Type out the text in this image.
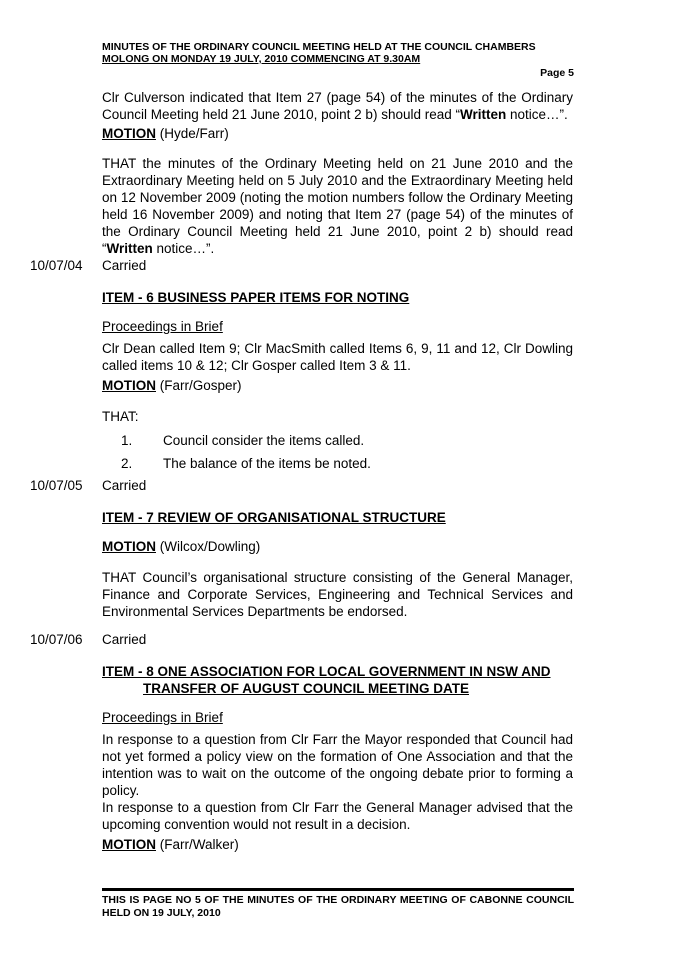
MINUTES OF THE ORDINARY COUNCIL MEETING HELD AT THE COUNCIL CHAMBERS
MOLONG ON MONDAY 19 JULY, 2010 COMMENCING AT 9.30AM
Page 5
Clr Culverson indicated that Item 27 (page 54) of the minutes of the Ordinary Council Meeting held 21 June 2010, point 2 b) should read “Written notice…”.
MOTION (Hyde/Farr)
THAT the minutes of the Ordinary Meeting held on 21 June 2010 and the Extraordinary Meeting held on 5 July 2010 and the Extraordinary Meeting held on 12 November 2009 (noting the motion numbers follow the Ordinary Meeting held 16 November 2009) and noting that Item 27 (page 54) of the minutes of the Ordinary Council Meeting held 21 June 2010, point 2 b) should read “Written notice…”.
10/07/04 Carried
ITEM - 6 BUSINESS PAPER ITEMS FOR NOTING
Proceedings in Brief
Clr Dean called Item 9; Clr MacSmith called Items 6, 9, 11 and 12, Clr Dowling called items 10 & 12; Clr Gosper called Item 3 & 11.
MOTION (Farr/Gosper)
THAT:
1. Council consider the items called.
2. The balance of the items be noted.
10/07/05 Carried
ITEM - 7 REVIEW OF ORGANISATIONAL STRUCTURE
MOTION (Wilcox/Dowling)
THAT Council’s organisational structure consisting of the General Manager, Finance and Corporate Services, Engineering and Technical Services and Environmental Services Departments be endorsed.
10/07/06 Carried
ITEM - 8 ONE ASSOCIATION FOR LOCAL GOVERNMENT IN NSW AND
TRANSFER OF AUGUST COUNCIL MEETING DATE
Proceedings in Brief
In response to a question from Clr Farr the Mayor responded that Council had not yet formed a policy view on the formation of One Association and that the intention was to wait on the outcome of the ongoing debate prior to forming a policy.
In response to a question from Clr Farr the General Manager advised that the upcoming convention would not result in a decision.
MOTION (Farr/Walker)
THIS IS PAGE NO 5 OF THE MINUTES OF THE ORDINARY MEETING OF CABONNE COUNCIL HELD ON 19 JULY, 2010
